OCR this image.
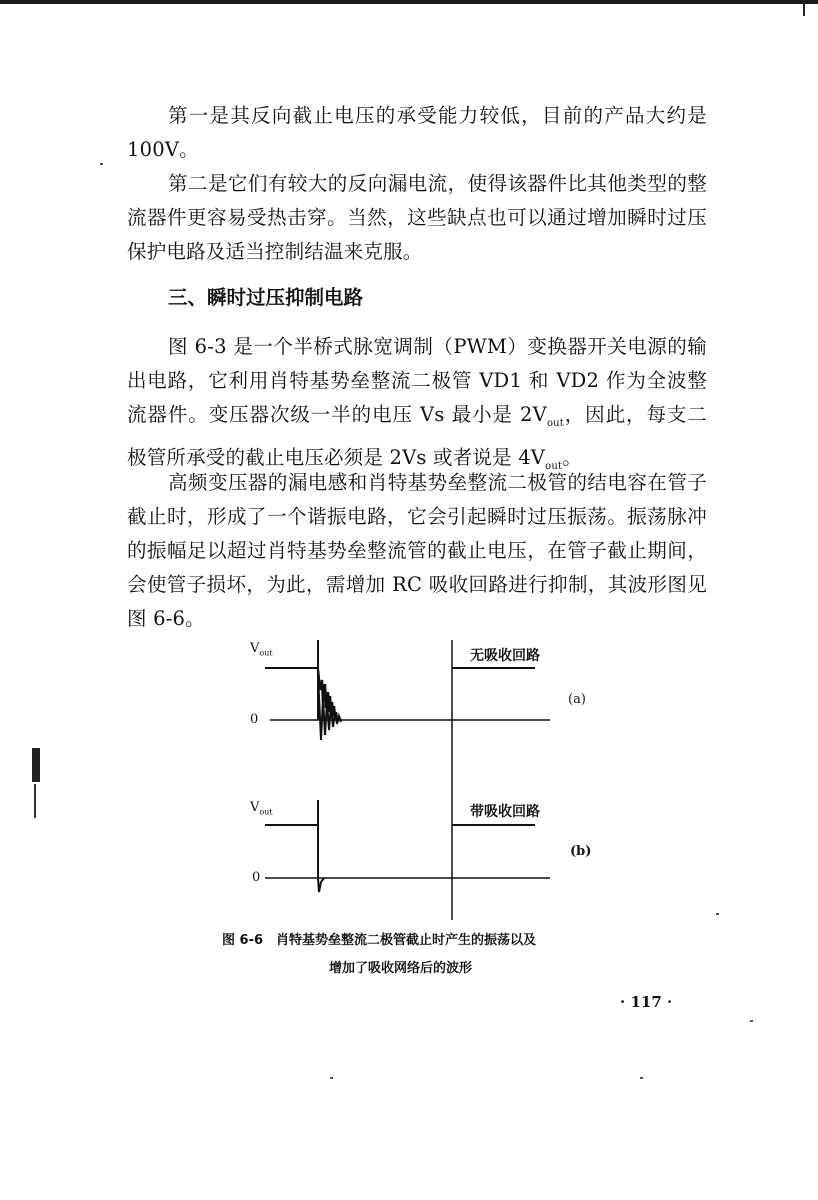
第一是其反向截止电压的承受能力较低，目前的产品大约是 100V。

第二是它们有较大的反向漏电流，使得该器件比其他类型的整流器件更容易受热击穿。当然，这些缺点也可以通过增加瞬时过压保护电路及适当控制结温来克服。

三、瞬时过压抑制电路

图 6-3 是一个半桥式脉宽调制（PWM）变换器开关电源的输出电路，它利用肖特基势垒整流二极管 VD1 和 VD2 作为全波整流器件。变压器次级一半的电压 Vs 最小是 $2V_{out}$，因此，每支二极管所承受的截止电压必须是 2Vs 或者说是 $4V_{out}$。

高频变压器的漏电感和肖特基势垒整流二极管的结电容在管子截止时，形成了一个谐振电路，它会引起瞬时过压振荡。振荡脉冲的振幅足以超过肖特基势垒整流管的截止电压，在管子截止期间，会使管子损坏，为此，需增加 RC 吸收回路进行抑制，其波形图见图 6-6。

$V_{out}$
0
无吸收回路
(a)
$V_{out}$
0
带吸收回路
(b)
图 6-6　肖特基势垒整流二极管截止时产生的振荡以及
增加了吸收网络后的波形
· 117 ·
